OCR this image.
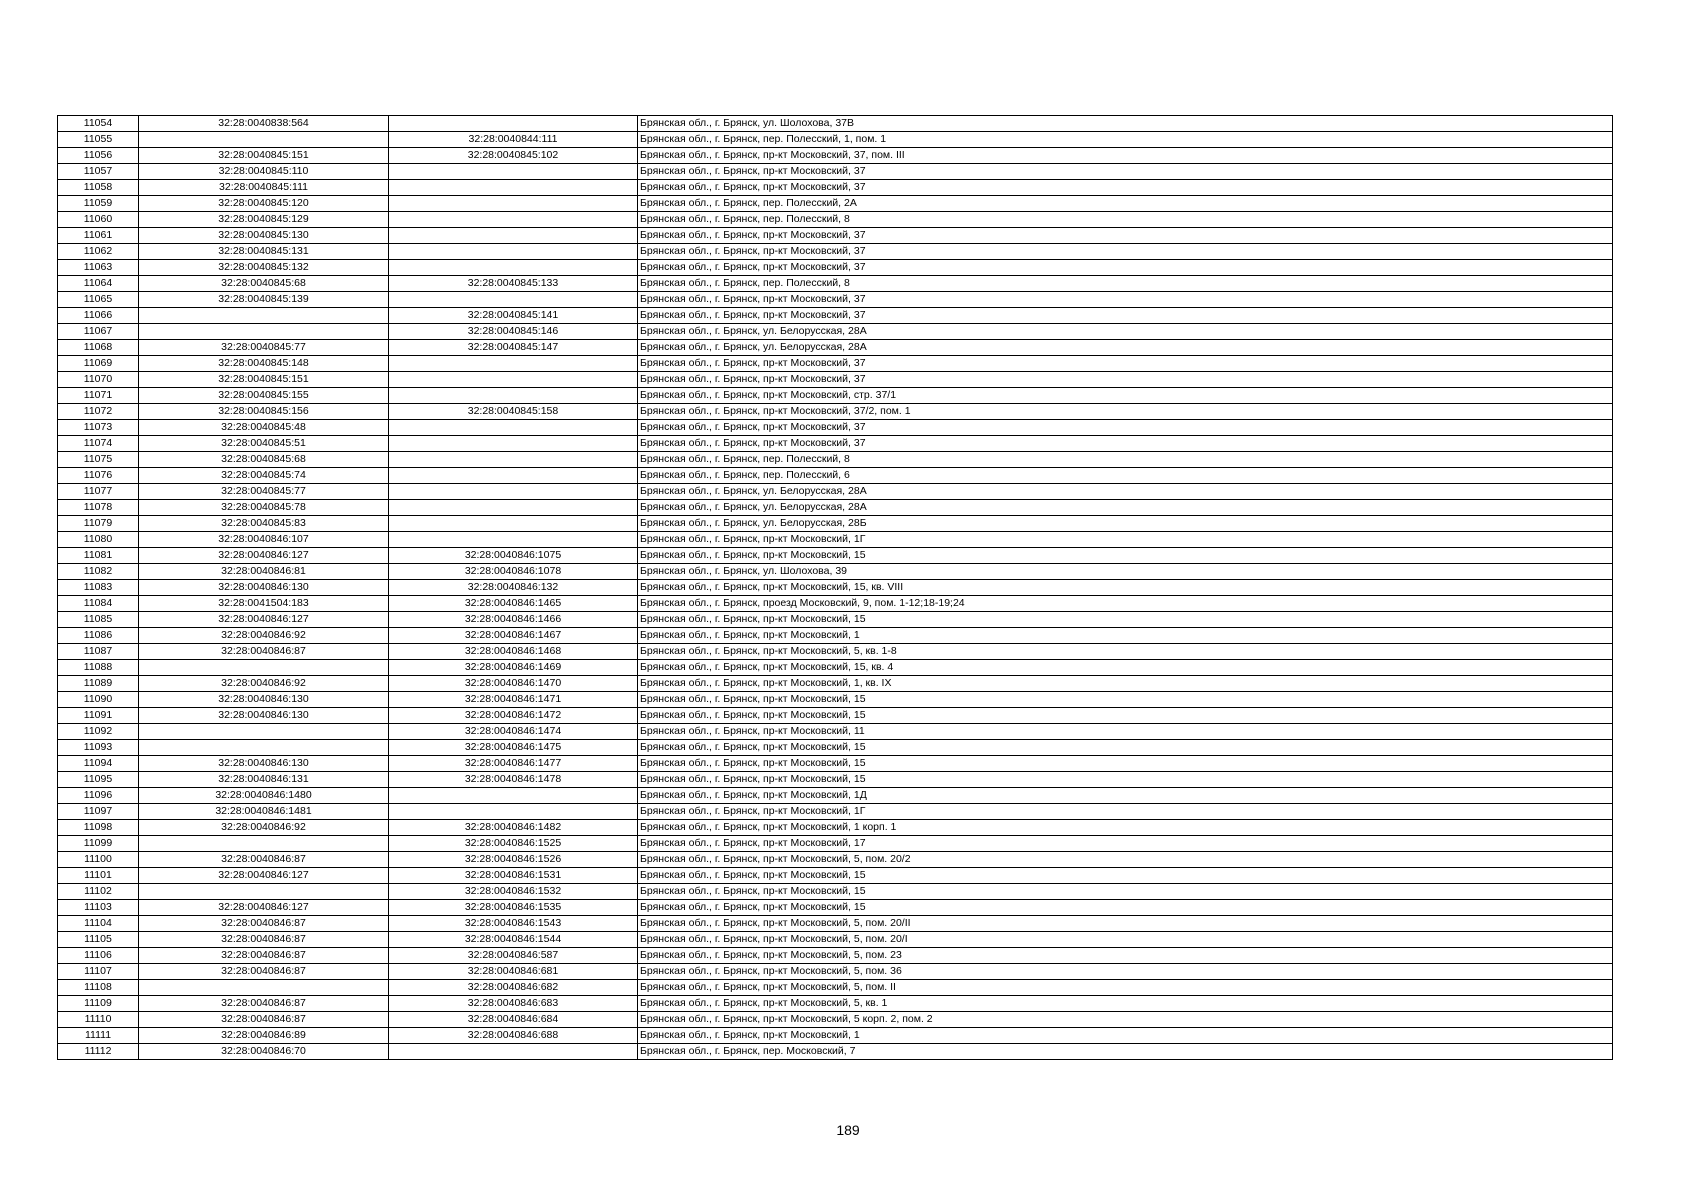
11054	32:28:0040838:564		Брянская обл., г. Брянск, ул. Шолохова, 37В
11055		32:28:0040844:111	Брянская обл., г. Брянск, пер. Полесский, 1, пом. 1
11056	32:28:0040845:151	32:28:0040845:102	Брянская обл., г. Брянск, пр-кт Московский, 37, пом. III
11057	32:28:0040845:110		Брянская обл., г. Брянск, пр-кт Московский, 37
11058	32:28:0040845:111		Брянская обл., г. Брянск, пр-кт Московский, 37
11059	32:28:0040845:120		Брянская обл., г. Брянск, пер. Полесский, 2А
11060	32:28:0040845:129		Брянская обл., г. Брянск, пер. Полесский, 8
11061	32:28:0040845:130		Брянская обл., г. Брянск, пр-кт Московский, 37
11062	32:28:0040845:131		Брянская обл., г. Брянск, пр-кт Московский, 37
11063	32:28:0040845:132		Брянская обл., г. Брянск, пр-кт Московский, 37
11064	32:28:0040845:68	32:28:0040845:133	Брянская обл., г. Брянск, пер. Полесский, 8
11065	32:28:0040845:139		Брянская обл., г. Брянск, пр-кт Московский, 37
11066		32:28:0040845:141	Брянская обл., г. Брянск, пр-кт Московский, 37
11067		32:28:0040845:146	Брянская обл., г. Брянск, ул. Белорусская, 28А
11068	32:28:0040845:77	32:28:0040845:147	Брянская обл., г. Брянск, ул. Белорусская, 28А
11069	32:28:0040845:148		Брянская обл., г. Брянск, пр-кт Московский, 37
11070	32:28:0040845:151		Брянская обл., г. Брянск, пр-кт Московский, 37
11071	32:28:0040845:155		Брянская обл., г. Брянск, пр-кт Московский, стр. 37/1
11072	32:28:0040845:156	32:28:0040845:158	Брянская обл., г. Брянск, пр-кт Московский, 37/2, пом. 1
11073	32:28:0040845:48		Брянская обл., г. Брянск, пр-кт Московский, 37
11074	32:28:0040845:51		Брянская обл., г. Брянск, пр-кт Московский, 37
11075	32:28:0040845:68		Брянская обл., г. Брянск, пер. Полесский, 8
11076	32:28:0040845:74		Брянская обл., г. Брянск, пер. Полесский, 6
11077	32:28:0040845:77		Брянская обл., г. Брянск, ул. Белорусская, 28А
11078	32:28:0040845:78		Брянская обл., г. Брянск, ул. Белорусская, 28А
11079	32:28:0040845:83		Брянская обл., г. Брянск, ул. Белорусская, 28Б
11080	32:28:0040846:107		Брянская обл., г. Брянск, пр-кт Московский, 1Г
11081	32:28:0040846:127	32:28:0040846:1075	Брянская обл., г. Брянск, пр-кт Московский, 15
11082	32:28:0040846:81	32:28:0040846:1078	Брянская обл., г. Брянск, ул. Шолохова, 39
11083	32:28:0040846:130	32:28:0040846:132	Брянская обл., г. Брянск, пр-кт Московский, 15, кв. VIII
11084	32:28:0041504:183	32:28:0040846:1465	Брянская обл., г. Брянск, проезд Московский, 9, пом. 1-12;18-19;24
11085	32:28:0040846:127	32:28:0040846:1466	Брянская обл., г. Брянск, пр-кт Московский, 15
11086	32:28:0040846:92	32:28:0040846:1467	Брянская обл., г. Брянск, пр-кт Московский, 1
11087	32:28:0040846:87	32:28:0040846:1468	Брянская обл., г. Брянск, пр-кт Московский, 5, кв. 1-8
11088		32:28:0040846:1469	Брянская обл., г. Брянск, пр-кт Московский, 15, кв. 4
11089	32:28:0040846:92	32:28:0040846:1470	Брянская обл., г. Брянск, пр-кт Московский, 1, кв. IX
11090	32:28:0040846:130	32:28:0040846:1471	Брянская обл., г. Брянск, пр-кт Московский, 15
11091	32:28:0040846:130	32:28:0040846:1472	Брянская обл., г. Брянск, пр-кт Московский, 15
11092		32:28:0040846:1474	Брянская обл., г. Брянск, пр-кт Московский, 11
11093		32:28:0040846:1475	Брянская обл., г. Брянск, пр-кт Московский, 15
11094	32:28:0040846:130	32:28:0040846:1477	Брянская обл., г. Брянск, пр-кт Московский, 15
11095	32:28:0040846:131	32:28:0040846:1478	Брянская обл., г. Брянск, пр-кт Московский, 15
11096	32:28:0040846:1480		Брянская обл., г. Брянск, пр-кт Московский, 1Д
11097	32:28:0040846:1481		Брянская обл., г. Брянск, пр-кт Московский, 1Г
11098	32:28:0040846:92	32:28:0040846:1482	Брянская обл., г. Брянск, пр-кт Московский, 1 корп. 1
11099		32:28:0040846:1525	Брянская обл., г. Брянск, пр-кт Московский, 17
11100	32:28:0040846:87	32:28:0040846:1526	Брянская обл., г. Брянск, пр-кт Московский, 5, пом. 20/2
11101	32:28:0040846:127	32:28:0040846:1531	Брянская обл., г. Брянск, пр-кт Московский, 15
11102		32:28:0040846:1532	Брянская обл., г. Брянск, пр-кт Московский, 15
11103	32:28:0040846:127	32:28:0040846:1535	Брянская обл., г. Брянск, пр-кт Московский, 15
11104	32:28:0040846:87	32:28:0040846:1543	Брянская обл., г. Брянск, пр-кт Московский, 5, пом. 20/II
11105	32:28:0040846:87	32:28:0040846:1544	Брянская обл., г. Брянск, пр-кт Московский, 5, пом. 20/I
11106	32:28:0040846:87	32:28:0040846:587	Брянская обл., г. Брянск, пр-кт Московский, 5, пом. 23
11107	32:28:0040846:87	32:28:0040846:681	Брянская обл., г. Брянск, пр-кт Московский, 5, пом. 36
11108		32:28:0040846:682	Брянская обл., г. Брянск, пр-кт Московский, 5, пом. II
11109	32:28:0040846:87	32:28:0040846:683	Брянская обл., г. Брянск, пр-кт Московский, 5, кв. 1
11110	32:28:0040846:87	32:28:0040846:684	Брянская обл., г. Брянск, пр-кт Московский, 5 корп. 2, пом. 2
11111	32:28:0040846:89	32:28:0040846:688	Брянская обл., г. Брянск, пр-кт Московский, 1
11112	32:28:0040846:70		Брянская обл., г. Брянск, пер. Московский, 7
189
